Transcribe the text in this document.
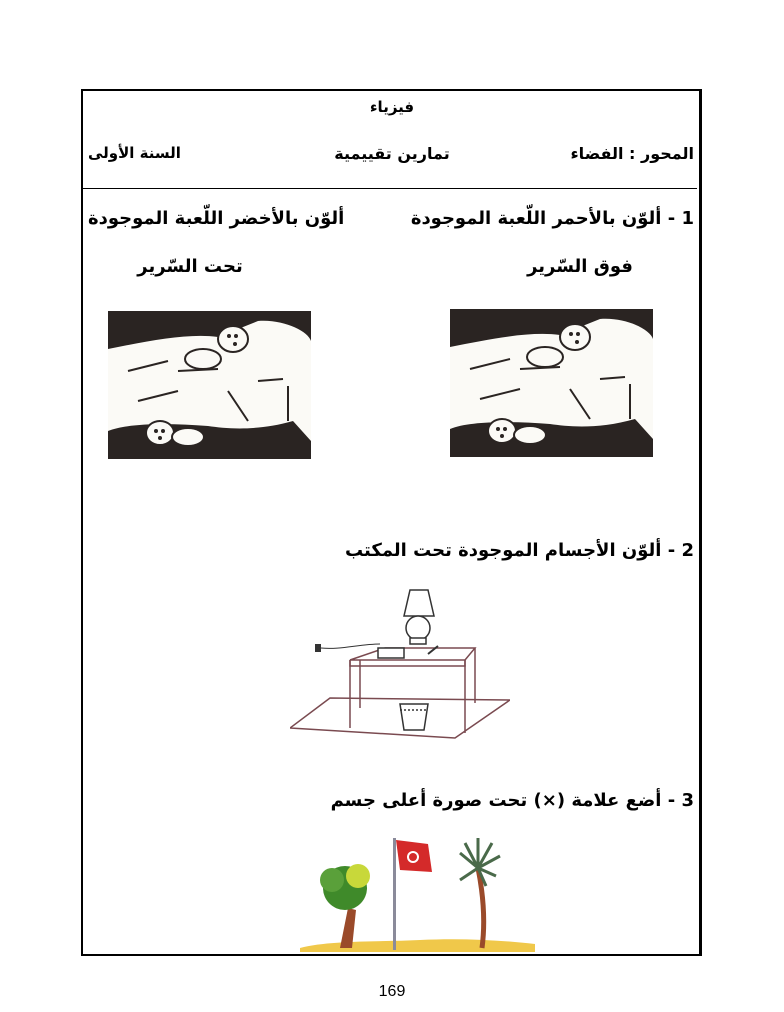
فيزياء
المحور : الفضاء
تمارين تقييمية
السنة الأولى
1 - ألوّن بالأحمر اللّعبة الموجودة
فوق السّرير
ألوّن بالأخضر اللّعبة الموجودة
تحت السّرير
2 - ألوّن الأجسام الموجودة تحت المكتب
3 - أضع علامة (×) تحت صورة أعلى جسم
169
